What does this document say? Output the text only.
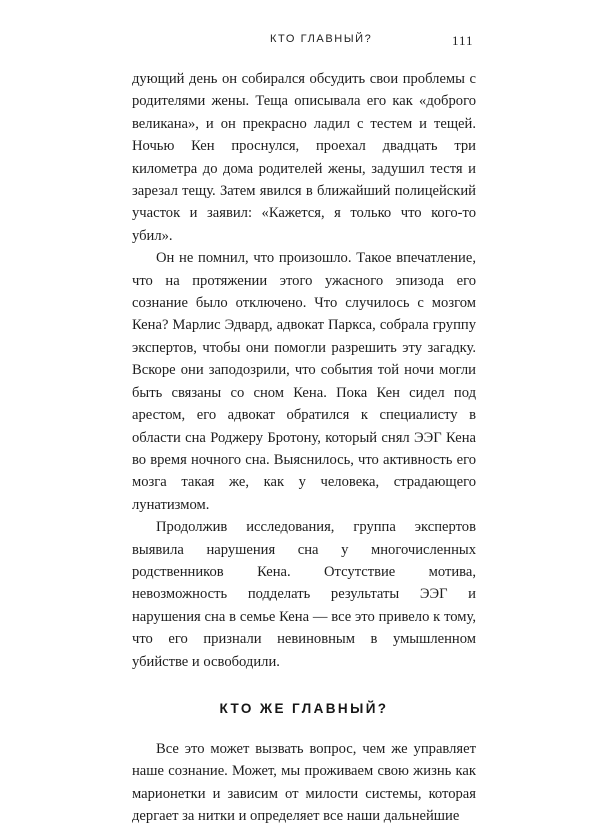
КТО ГЛАВНЫЙ?	111

дующий день он собирался обсудить свои проблемы с родителями жены. Теща описывала его как «доброго великана», и он прекрасно ладил с тестем и тещей. Ночью Кен проснулся, проехал двадцать три километра до дома родителей жены, задушил тестя и зарезал тещу. Затем явился в ближайший полицейский участок и заявил: «Кажется, я только что кого-то убил».

Он не помнил, что произошло. Такое впечатление, что на протяжении этого ужасного эпизода его сознание было отключено. Что случилось с мозгом Кена? Марлис Эдвард, адвокат Паркса, собрала группу экспертов, чтобы они помогли разрешить эту загадку. Вскоре они заподозрили, что события той ночи могли быть связаны со сном Кена. Пока Кен сидел под арестом, его адвокат обратился к специалисту в области сна Роджеру Бротону, который снял ЭЭГ Кена во время ночного сна. Выяснилось, что активность его мозга такая же, как у человека, страдающего лунатизмом.

Продолжив исследования, группа экспертов выявила нарушения сна у многочисленных родственников Кена. Отсутствие мотива, невозможность подделать результаты ЭЭГ и нарушения сна в семье Кена — все это привело к тому, что его признали невиновным в умышленном убийстве и освободили.

КТО ЖЕ ГЛАВНЫЙ?

Все это может вызвать вопрос, чем же управляет наше сознание. Может, мы проживаем свою жизнь как марионетки и зависим от милости системы, которая дергает за нитки и определяет все наши дальнейшие
